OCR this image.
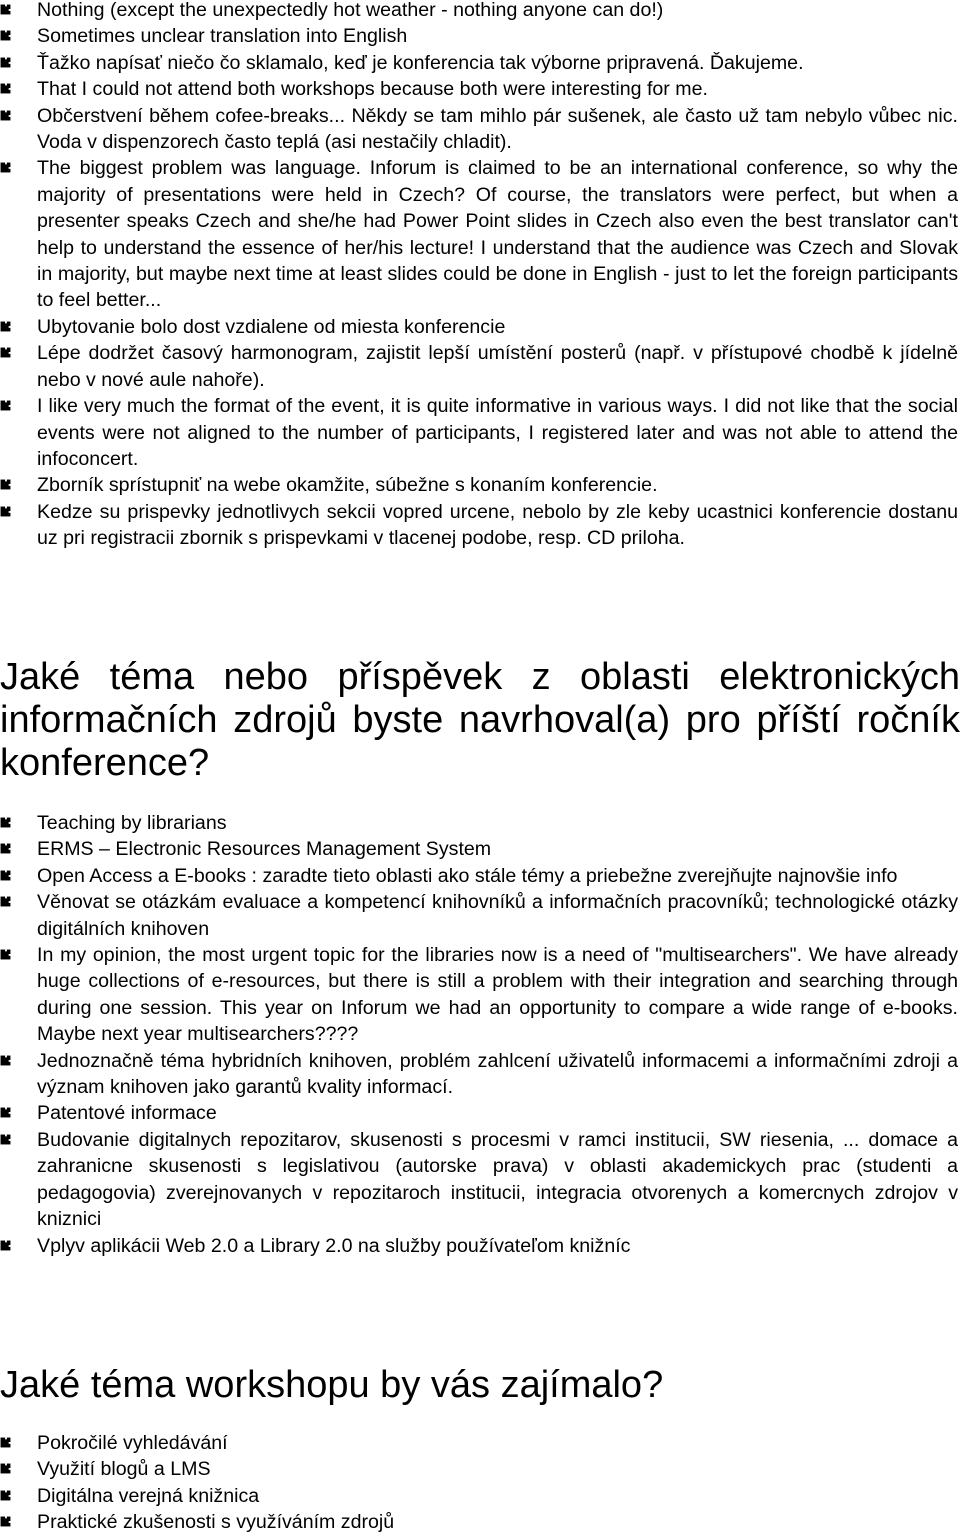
Nothing (except the unexpectedly hot weather - nothing anyone can do!)
Sometimes unclear translation into English
Ťažko napísať niečo čo sklamalo, keď je konferencia tak výborne pripravená. Ďakujeme.
That I could not attend both workshops because both were interesting for me.
Občerstvení během cofee-breaks... Někdy se tam mihlo pár sušenek, ale často už tam nebylo vůbec nic. Voda v dispenzorech často teplá (asi nestačily chladit).
The biggest problem was language. Inforum is claimed to be an international conference, so why the majority of presentations were held in Czech? Of course, the translators were perfect, but when a presenter speaks Czech and she/he had Power Point slides in Czech also even the best translator can't help to understand the essence of her/his lecture! I understand that the audience was Czech and Slovak in majority, but maybe next time at least slides could be done in English - just to let the foreign participants to feel better...
Ubytovanie bolo dost vzdialene od miesta konferencie
Lépe dodržet časový harmonogram, zajistit lepší umístění posterů (např. v přístupové chodbě k jídelně nebo v nové aule nahoře).
I like very much the format of the event, it is quite informative in various ways. I did not like that the social events were not aligned to the number of participants, I registered later and was not able to attend the infoconcert.
Zborník sprístupniť na webe okamžite, súbežne s konaním konferencie.
Kedze su prispevky jednotlivych sekcii vopred urcene, nebolo by zle keby ucastnici konferencie dostanu uz pri registracii zbornik s prispevkami v tlacenej podobe, resp. CD priloha.
Jaké téma nebo příspěvek z oblasti elektronických informačních zdrojů byste navrhoval(a) pro příští ročník konference?
Teaching by librarians
ERMS – Electronic Resources Management System
Open Access a E-books : zaradte tieto oblasti ako stále témy a priebežne zverejňujte najnovšie info
Věnovat se otázkám evaluace a kompetencí knihovníků a informačních pracovníků; technologické otázky digitálních knihoven
In my opinion, the most urgent topic for the libraries now is a need of "multisearchers". We have already huge collections of e-resources, but there is still a problem with their integration and searching through during one session. This year on Inforum we had an opportunity to compare a wide range of e-books. Maybe next year multisearchers????
Jednoznačně téma hybridních knihoven, problém zahlcení uživatelů informacemi a informačními zdroji a význam knihoven jako garantů kvality informací.
Patentové informace
Budovanie digitalnych repozitarov, skusenosti s procesmi v ramci institucii, SW riesenia, ... domace a zahranicne skusenosti s legislativou (autorske prava) v oblasti akademickych prac (studenti a pedagogovia) zverejnovanych v repozitaroch institucii, integracia otvorenych a komercnych zdrojov v kniznici
Vplyv aplikácii Web 2.0 a Library 2.0 na služby používateľom knižníc
Jaké téma workshopu by vás zajímalo?
Pokročilé vyhledávání
Využití blogů a LMS
Digitálna verejná knižnica
Praktické zkušenosti s využíváním zdrojů
